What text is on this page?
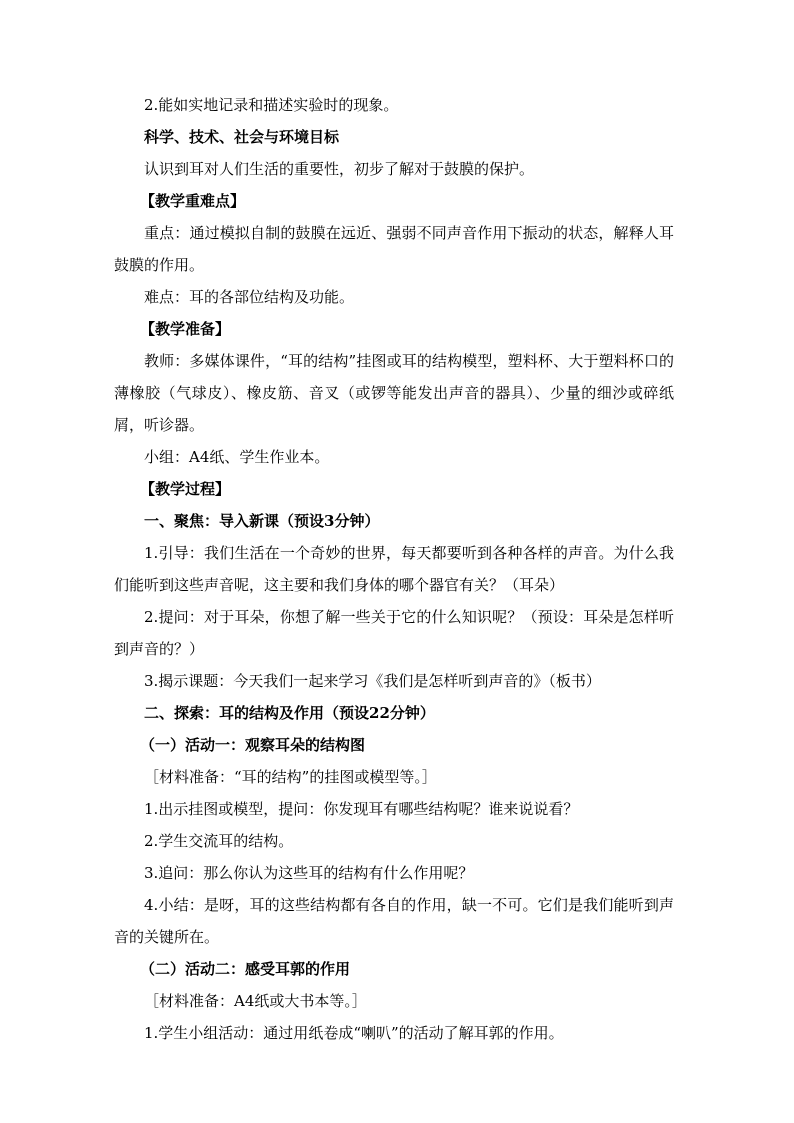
2.能如实地记录和描述实验时的现象。

科学、技术、社会与环境目标

认识到耳对人们生活的重要性，初步了解对于鼓膜的保护。

【教学重难点】

重点：通过模拟自制的鼓膜在远近、强弱不同声音作用下振动的状态，解释人耳鼓膜的作用。

难点：耳的各部位结构及功能。

【教学准备】

教师：多媒体课件，“耳的结构”挂图或耳的结构模型，塑料杯、大于塑料杯口的薄橡胶（气球皮）、橡皮筋、音叉（或锣等能发出声音的器具）、少量的细沙或碎纸屑，听诊器。

小组：A4纸、学生作业本。

【教学过程】

一、聚焦：导入新课（预设3分钟）

1.引导：我们生活在一个奇妙的世界，每天都要听到各种各样的声音。为什么我们能听到这些声音呢，这主要和我们身体的哪个器官有关？（耳朵）

2.提问：对于耳朵，你想了解一些关于它的什么知识呢？（预设：耳朵是怎样听到声音的？）

3.揭示课题：今天我们一起来学习《我们是怎样听到声音的》（板书）

二、探索：耳的结构及作用（预设22分钟）

（一）活动一：观察耳朵的结构图

［材料准备：“耳的结构”的挂图或模型等。］

1.出示挂图或模型，提问：你发现耳有哪些结构呢？谁来说说看？

2.学生交流耳的结构。

3.追问：那么你认为这些耳的结构有什么作用呢？

4.小结：是呀，耳的这些结构都有各自的作用，缺一不可。它们是我们能听到声音的关键所在。

（二）活动二：感受耳郭的作用

［材料准备：A4纸或大书本等。］

1.学生小组活动：通过用纸卷成“喇叭”的活动了解耳郭的作用。
